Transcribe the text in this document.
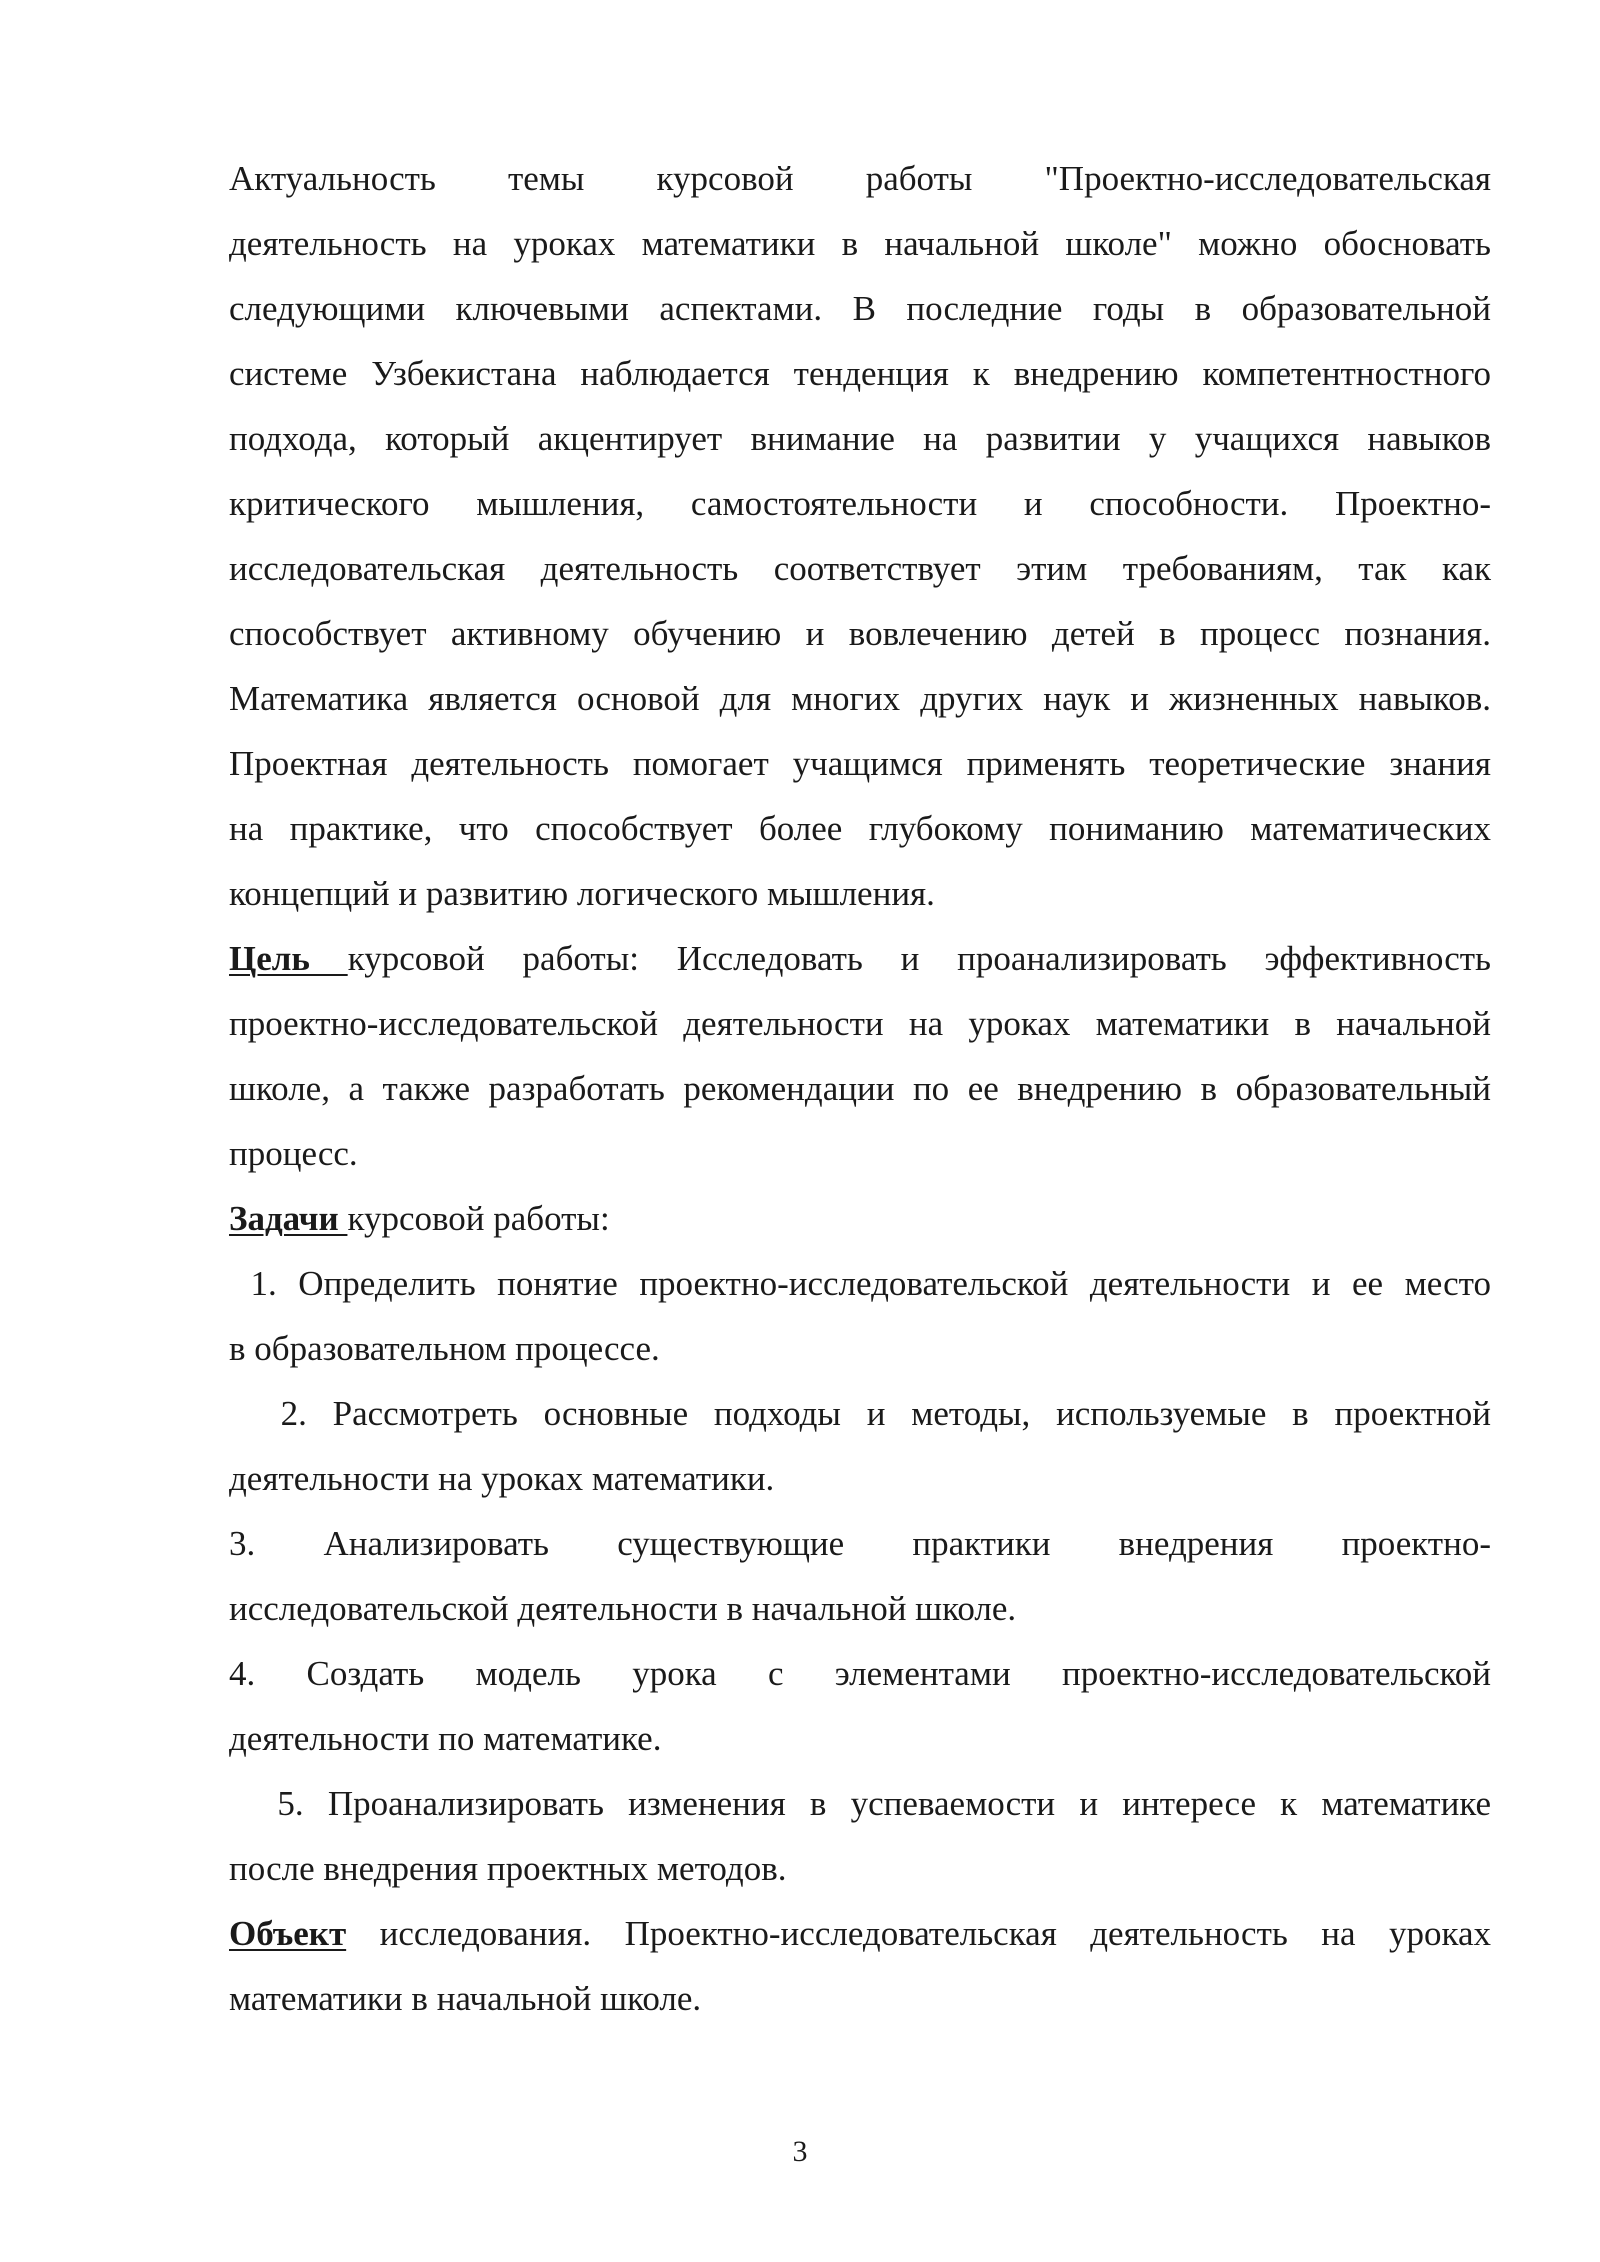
Актуальность темы курсовой работы "Проектно-исследовательская
деятельность на уроках математики в начальной школе" можно обосновать
следующими ключевыми аспектами. В последние годы в образовательной
системе Узбекистана наблюдается тенденция к внедрению компетентностного
подхода, который акцентирует внимание на развитии у учащихся навыков
критического мышления, самостоятельности и способности. Проектно-
исследовательская деятельность соответствует этим требованиям, так как
способствует активному обучению и вовлечению детей в процесс познания.
Математика является основой для многих других наук и жизненных навыков.
Проектная деятельность помогает учащимся применять теоретические знания
на практике, что способствует более глубокому пониманию математических
концепций и развитию логического мышления.
Цель курсовой работы: Исследовать и проанализировать эффективность
проектно-исследовательской деятельности на уроках математики в начальной
школе, а также разработать рекомендации по ее внедрению в образовательный
процесс.
Задачи курсовой работы:
1. Определить понятие проектно-исследовательской деятельности и ее место
в образовательном процессе.
2. Рассмотреть основные подходы и методы, используемые в проектной
деятельности на уроках математики.
3. Анализировать существующие практики внедрения проектно-
исследовательской деятельности в начальной школе.
4. Создать модель урока с элементами проектно-исследовательской
деятельности по математике.
5. Проанализировать изменения в успеваемости и интересе к математике
после внедрения проектных методов.
Объект исследования. Проектно-исследовательская деятельность на уроках
математики в начальной школе.
3
